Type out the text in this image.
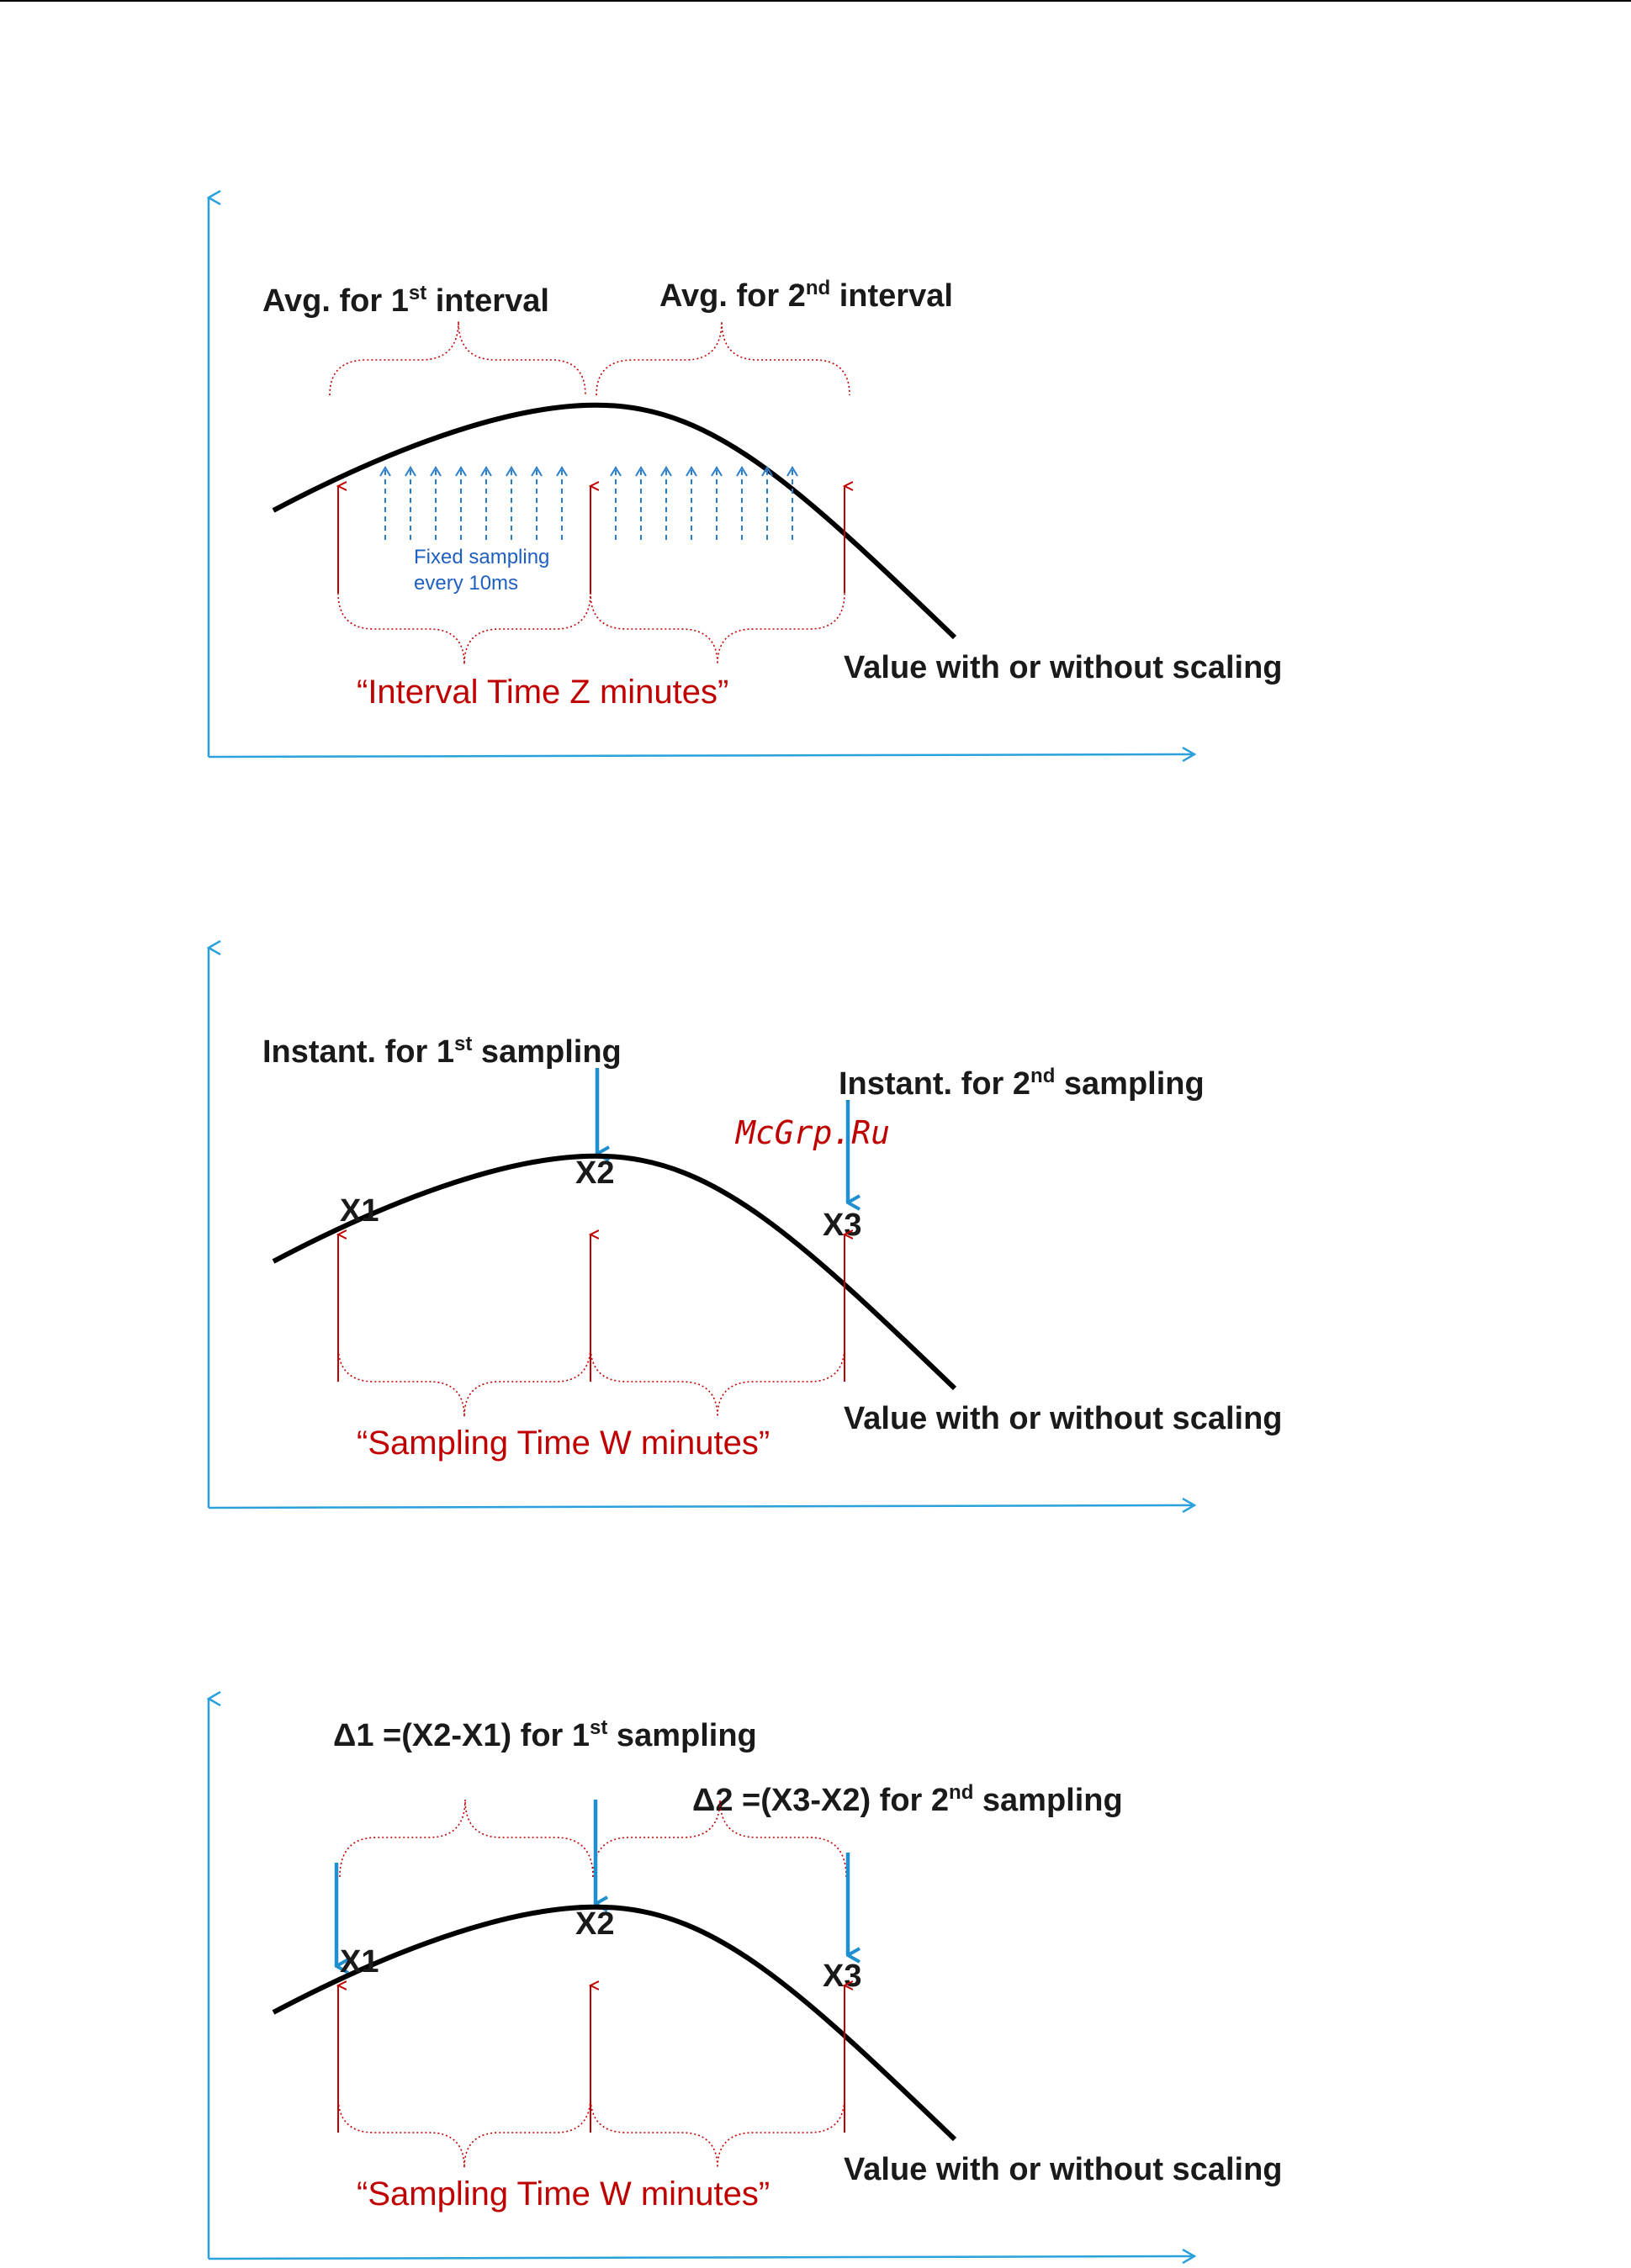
Avg. for 1st interval	Avg. for 2nd interval
Fixed sampling
every 10ms
Value with or without scaling
“Interval Time Z minutes”
Instant. for 1st sampling
Instant. for 2nd sampling
McGrp.Ru
X1
X2
X3
Value with or without scaling
“Sampling Time W minutes”
Δ1 =(X2-X1) for 1st sampling
Δ2 =(X3-X2) for 2nd sampling
X1
X2
X3
Value with or without scaling
“Sampling Time W minutes”
